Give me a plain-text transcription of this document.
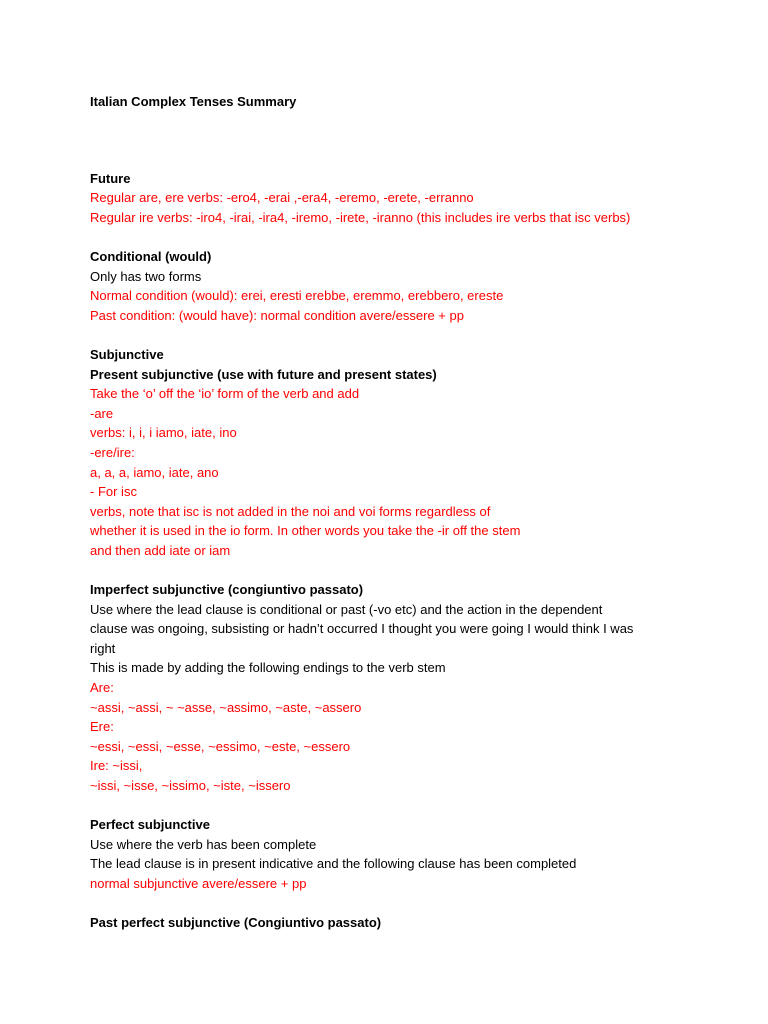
Italian Complex Tenses Summary
Future
Regular are, ere verbs: -ero4, -erai ,-era4, -eremo, -erete, -erranno
Regular ire verbs: -iro4, -irai, -ira4, -iremo, -irete, -iranno (this includes ire verbs that isc verbs)
Conditional (would)
Only has two forms
Normal condition (would): erei, eresti erebbe, eremmo, erebbero, ereste
Past condition: (would have): normal condition avere/essere + pp
Subjunctive
Present subjunctive (use with future and present states)
Take the ‘o’ off the ‘io’ form of the verb and add
-are
verbs: i, i, i iamo, iate, ino
-ere/ire:
a, a, a, iamo, iate, ano
- For isc
verbs, note that isc is not added in the noi and voi forms regardless of
whether it is used in the io form. In other words you take the -ir off the stem
and then add iate or iam
Imperfect subjunctive (congiuntivo passato)
Use where the lead clause is conditional or past (-vo etc) and the action in the dependent
clause was ongoing, subsisting or hadn’t occurred I thought you were going I would think I was
right
This is made by adding the following endings to the verb stem
Are:
~assi, ~assi, ~ ~asse, ~assimo, ~aste, ~assero
Ere:
~essi, ~essi, ~esse, ~essimo, ~este, ~essero
Ire: ~issi,
~issi, ~isse, ~issimo, ~iste, ~issero
Perfect subjunctive
Use where the verb has been complete
The lead clause is in present indicative and the following clause has been completed
normal subjunctive avere/essere + pp
Past perfect subjunctive (Congiuntivo passato)
